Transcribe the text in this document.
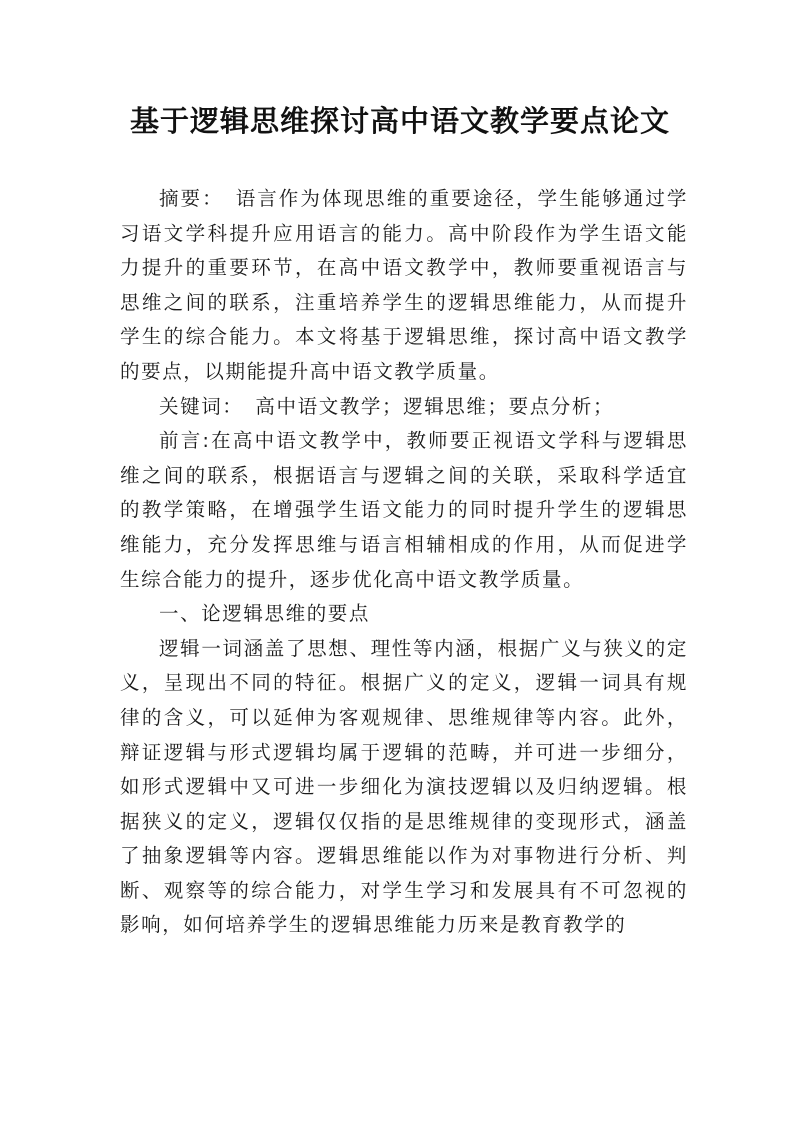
基于逻辑思维探讨高中语文教学要点论文

摘要： 语言作为体现思维的重要途径，学生能够通过学习语文学科提升应用语言的能力。高中阶段作为学生语文能力提升的重要环节，在高中语文教学中，教师要重视语言与思维之间的联系，注重培养学生的逻辑思维能力，从而提升学生的综合能力。本文将基于逻辑思维，探讨高中语文教学的要点，以期能提升高中语文教学质量。

关键词： 高中语文教学；逻辑思维；要点分析；

前言:在高中语文教学中，教师要正视语文学科与逻辑思维之间的联系，根据语言与逻辑之间的关联，采取科学适宜的教学策略，在增强学生语文能力的同时提升学生的逻辑思维能力，充分发挥思维与语言相辅相成的作用，从而促进学生综合能力的提升，逐步优化高中语文教学质量。

一、论逻辑思维的要点

逻辑一词涵盖了思想、理性等内涵，根据广义与狭义的定义，呈现出不同的特征。根据广义的定义，逻辑一词具有规律的含义，可以延伸为客观规律、思维规律等内容。此外，辩证逻辑与形式逻辑均属于逻辑的范畴，并可进一步细分，如形式逻辑中又可进一步细化为演技逻辑以及归纳逻辑。根据狭义的定义，逻辑仅仅指的是思维规律的变现形式，涵盖了抽象逻辑等内容。逻辑思维能以作为对事物进行分析、判断、观察等的综合能力，对学生学习和发展具有不可忽视的影响，如何培养学生的逻辑思维能力历来是教育教学的
